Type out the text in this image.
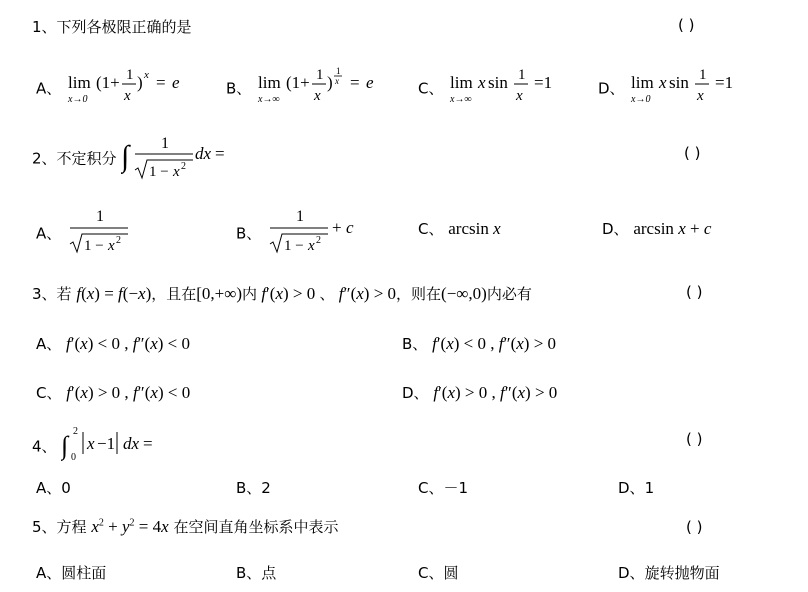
1、下列各极限正确的是	( )
A、 lim
x→0
(1+ 1
x
) x = e	B、 lim
x→∞
(1+ 1
x
)
1
x = e	C、 lim
x→∞
x sin 1
x
=1	D、 lim
x→0
x sin 1
x
=1
2、不定积分 ∫ 1
1 − x 2
dx =	( )
A、
1
1 − x 2	B、
1
1 − x 2
+ c	C、 arcsin x	D、 arcsin x + c
3、若 f(x) = f(−x)，且在[0,+∞)内 f′(x) > 0 、 f″(x) > 0，则在(−∞,0)内必有	( )
A、 f′(x) < 0 , f″(x) < 0	B、 f′(x) < 0 , f″(x) > 0
C、 f′(x) > 0 , f″(x) < 0	D、 f′(x) > 0 , f″(x) > 0
4、 ∫ 2
0
x −1 dx =	( )
A、0	B、2	C、－1	D、1
5、方程 $x^2 + y^2 = 4x$ 在空间直角坐标系中表示	( )
A、圆柱面	B、点	C、圆	D、旋转抛物面
